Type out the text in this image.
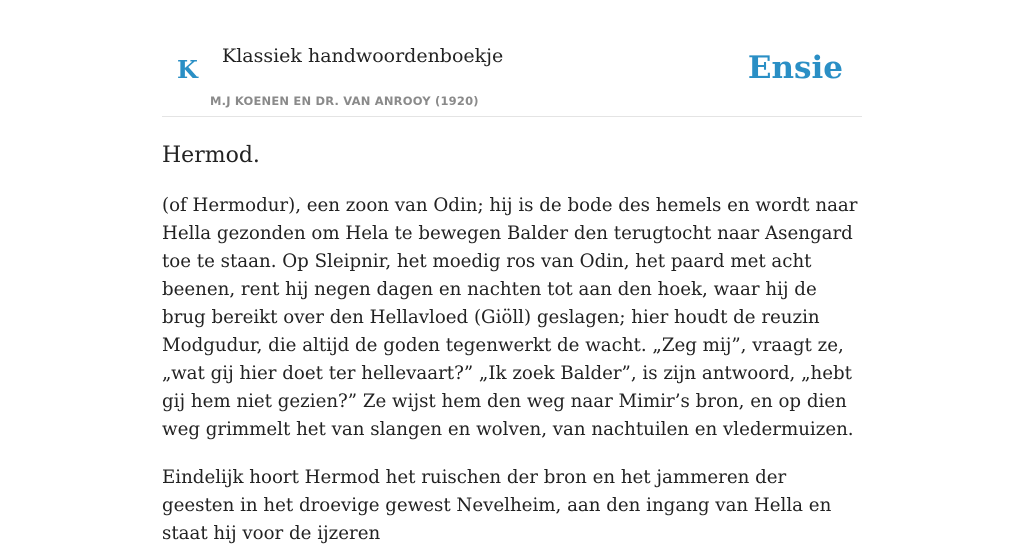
K Klassiek handwoordenboekje
M.J KOENEN EN DR. VAN ANROOY (1920)
Ensie
Hermod.

(of Hermodur), een zoon van Odin; hij is de bode des hemels en wordt naar Hella gezonden om Hela te bewegen Balder den terugtocht naar Asengard toe te staan. Op Sleipnir, het moedig ros van Odin, het paard met acht beenen, rent hij negen dagen en nachten tot aan den hoek, waar hij de brug bereikt over den Hellavloed (Giöll) geslagen; hier houdt de reuzin Modgudur, die altijd de goden tegenwerkt de wacht. „Zeg mij”, vraagt ze, „wat gij hier doet ter hellevaart?” „Ik zoek Balder”, is zijn antwoord, „hebt gij hem niet gezien?” Ze wijst hem den weg naar Mimir’s bron, en op dien weg grimmelt het van slangen en wolven, van nachtuilen en vledermuizen.

Eindelijk hoort Hermod het ruischen der bron en het jammeren der geesten in het droevige gewest Nevelheim, aan den ingang van Hella en staat hij voor de ijzeren
